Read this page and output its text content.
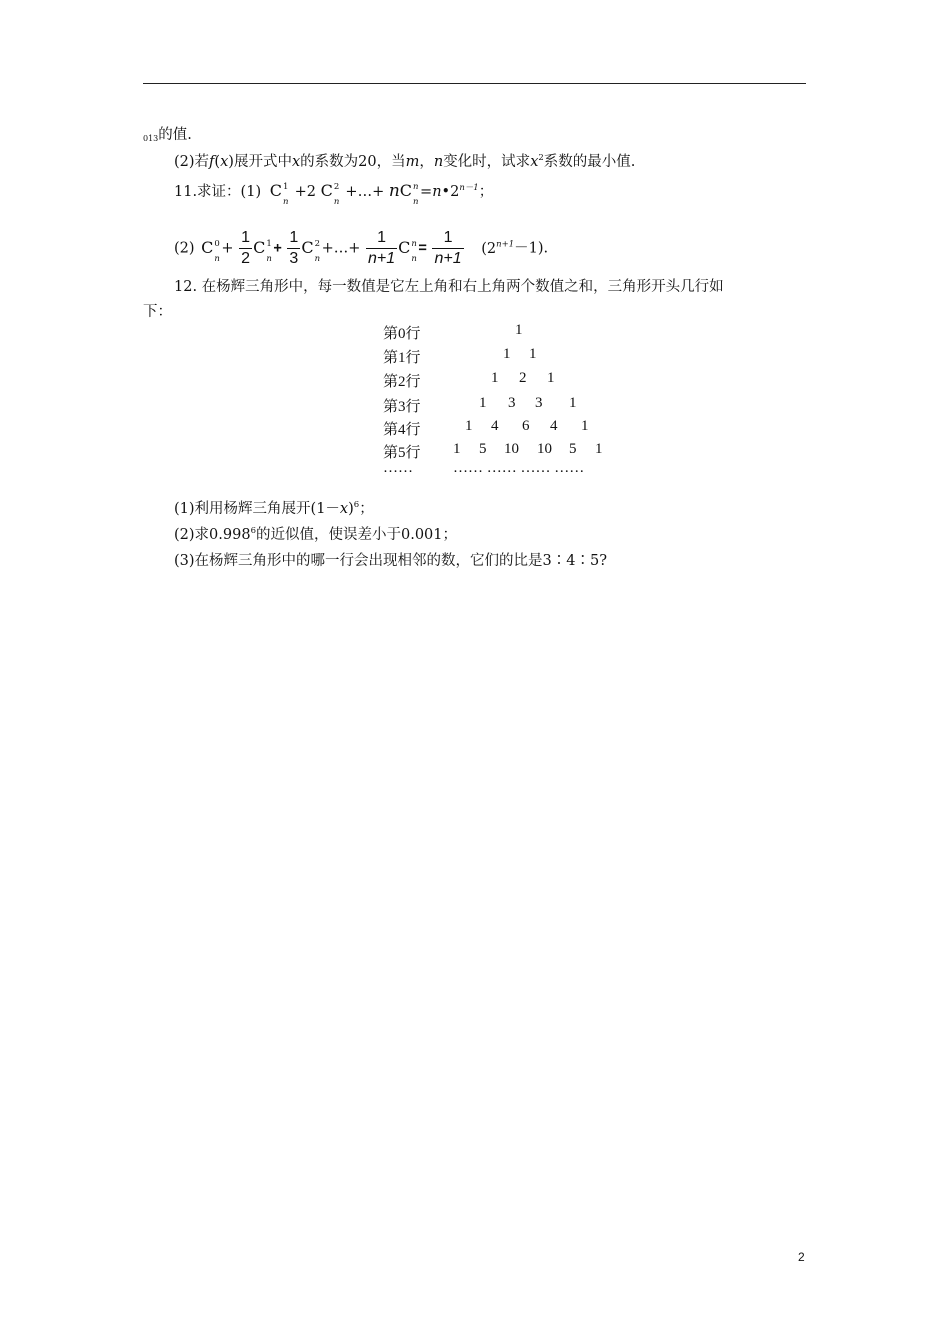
013的值.
(2)若f(x)展开式中x的系数为20，当m，n变化时，试求$x^2$系数的最小值.
11.求证：(1) C 1
n
+2 C 2
n
+…+ nC n
n
$=n•2^{n-1}$；
(2) C 0
n
+ $\frac{1}{2}$ C 1
n
+ $\frac{1}{3}$ C 2
n
+…+ $\frac{1}{n+1}$ C n
n
= $\frac{1}{n+1} (2^{n+1}-1)$.
12. 在杨辉三角形中，每一数值是它左上角和右上角两个数值之和，三角形开头几行如
下：
第0行	1
第1行	1 1
第2行	1 2 1
第3行	1 3 3 1
第4行	1 4 6 4 1
第5行 1 5 10 10 5 1
……	…… …… …… ……
(1)利用杨辉三角展开$(1-x)^6$；
(2)求0.998$^6$的近似值，使误差小于0.001；
(3)在杨辉三角形中的哪一行会出现相邻的数，它们的比是3∶4∶5?
2
